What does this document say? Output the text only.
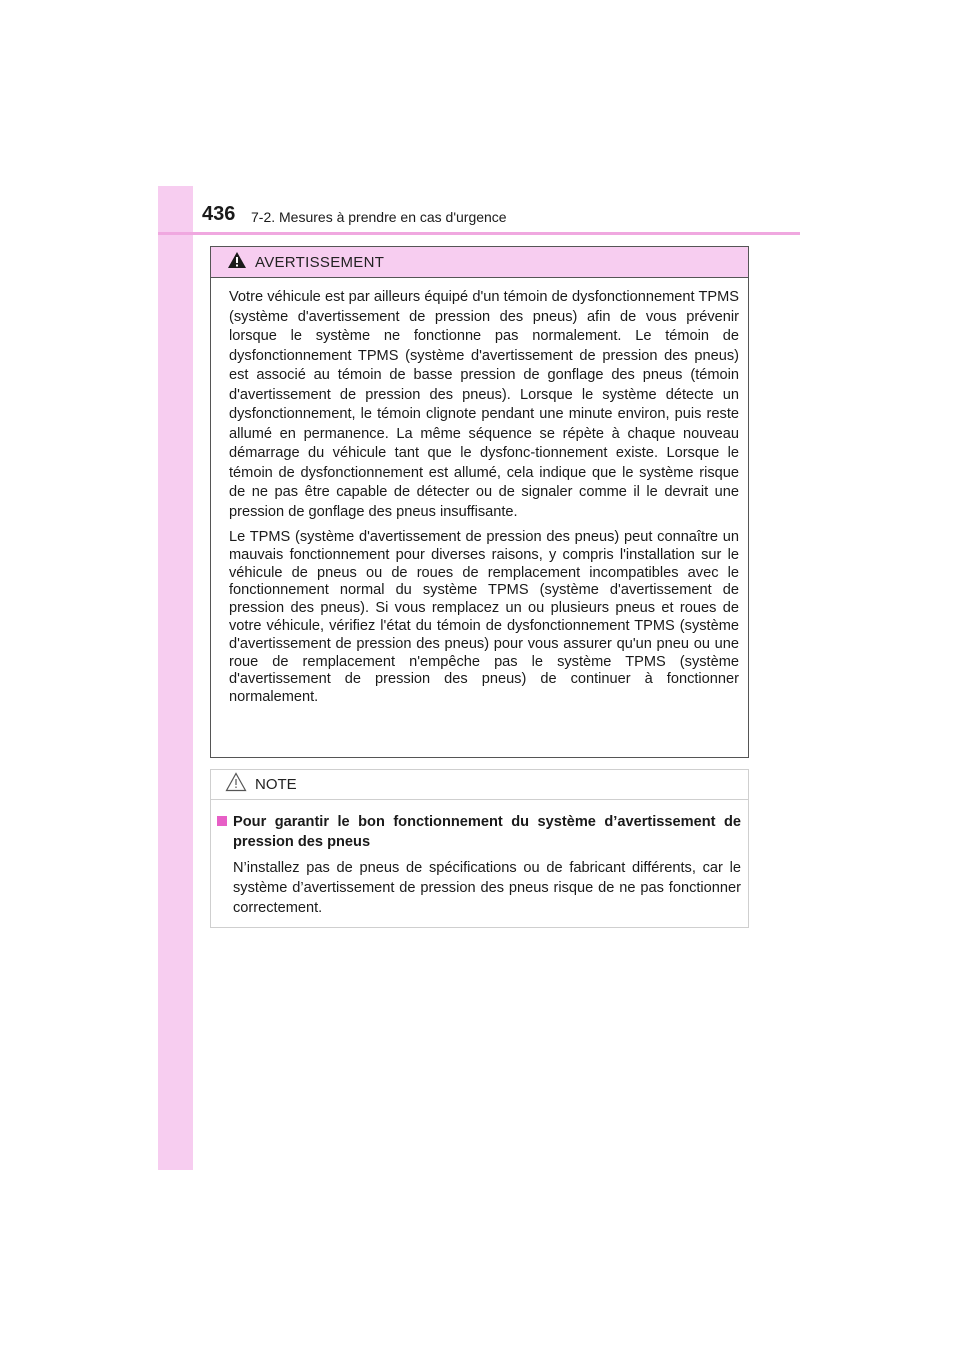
436 7-2. Mesures à prendre en cas d'urgence
AVERTISSEMENT

Votre véhicule est par ailleurs équipé d'un témoin de dysfonctionnement TPMS (système d'avertissement de pression des pneus) afin de vous prévenir lorsque le système ne fonctionne pas normalement. Le témoin de dysfonctionnement TPMS (système d'avertissement de pression des pneus) est associé au témoin de basse pression de gonflage des pneus (témoin d'avertissement de pression des pneus). Lorsque le système détecte un dysfonctionnement, le témoin clignote pendant une minute environ, puis reste allumé en permanence. La même séquence se répète à chaque nouveau démarrage du véhicule tant que le dysfonc-tionnement existe. Lorsque le témoin de dysfonctionnement est allumé, cela indique que le système risque de ne pas être capable de détecter ou de signaler comme il le devrait une pression de gonflage des pneus insuffisante.

Le TPMS (système d'avertissement de pression des pneus) peut connaître un mauvais fonctionnement pour diverses raisons, y compris l'installation sur le véhicule de pneus ou de roues de remplacement incompatibles avec le fonctionnement normal du système TPMS (système d'avertissement de pression des pneus). Si vous remplacez un ou plusieurs pneus et roues de votre véhicule, vérifiez l'état du témoin de dysfonctionnement TPMS (système d'avertissement de pression des pneus) pour vous assurer qu'un pneu ou une roue de remplacement n'empêche pas le système TPMS (système d'avertissement de pression des pneus) de continuer à fonctionner normalement.

NOTE
Pour garantir le bon fonctionnement du système d’avertissement de pression des pneus
N’installez pas de pneus de spécifications ou de fabricant différents, car le système d’avertissement de pression des pneus risque de ne pas fonctionner correctement.
